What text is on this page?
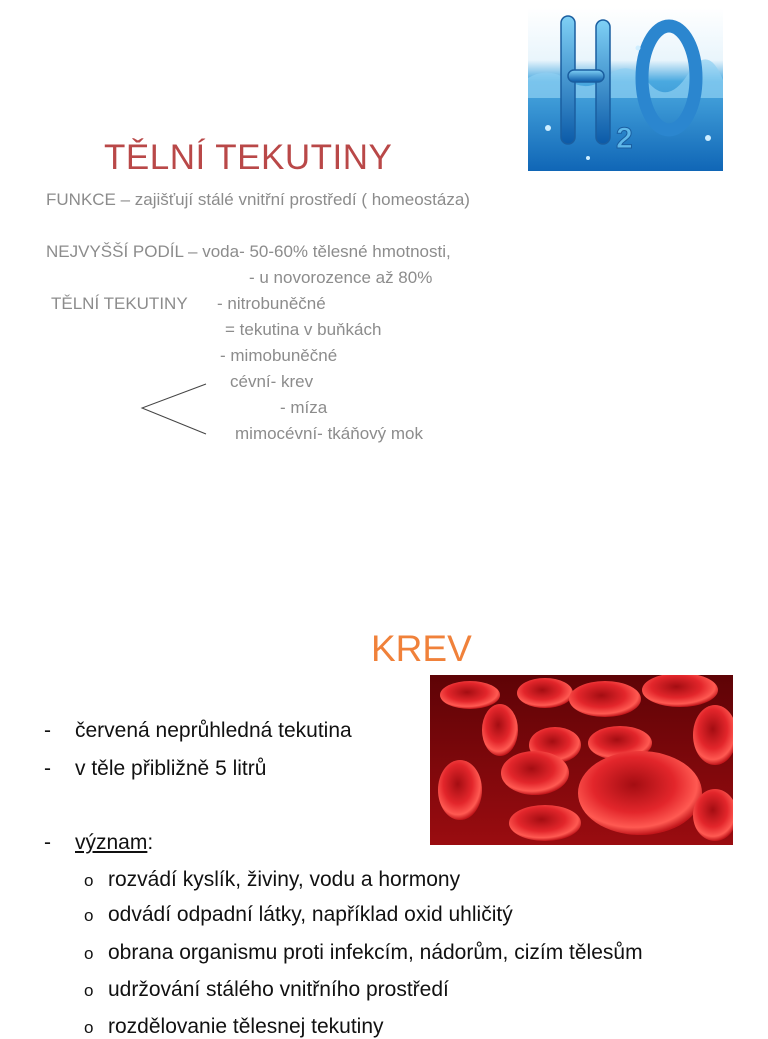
2
TĚLNÍ TEKUTINY
FUNKCE – zajišťují stálé vnitřní prostředí ( homeostáza)
NEJVYŠŠÍ PODÍL – voda- 50-60% tělesné hmotnosti,
- u novorozence až 80%
TĚLNÍ TEKUTINY - nitrobuněčné
= tekutina v buňkách
- mimobuněčné
cévní- krev
- míza
mimocévní- tkáňový mok
KREV
- červená neprůhledná tekutina
- v těle přibližně 5 litrů
- význam:
o rozvádí kyslík, živiny, vodu a hormony
o odvádí odpadní látky, například oxid uhličitý
o obrana organismu proti infekcím, nádorům, cizím tělesům
o udržování stálého vnitřního prostředí
o rozdělovanie tělesnej tekutiny
